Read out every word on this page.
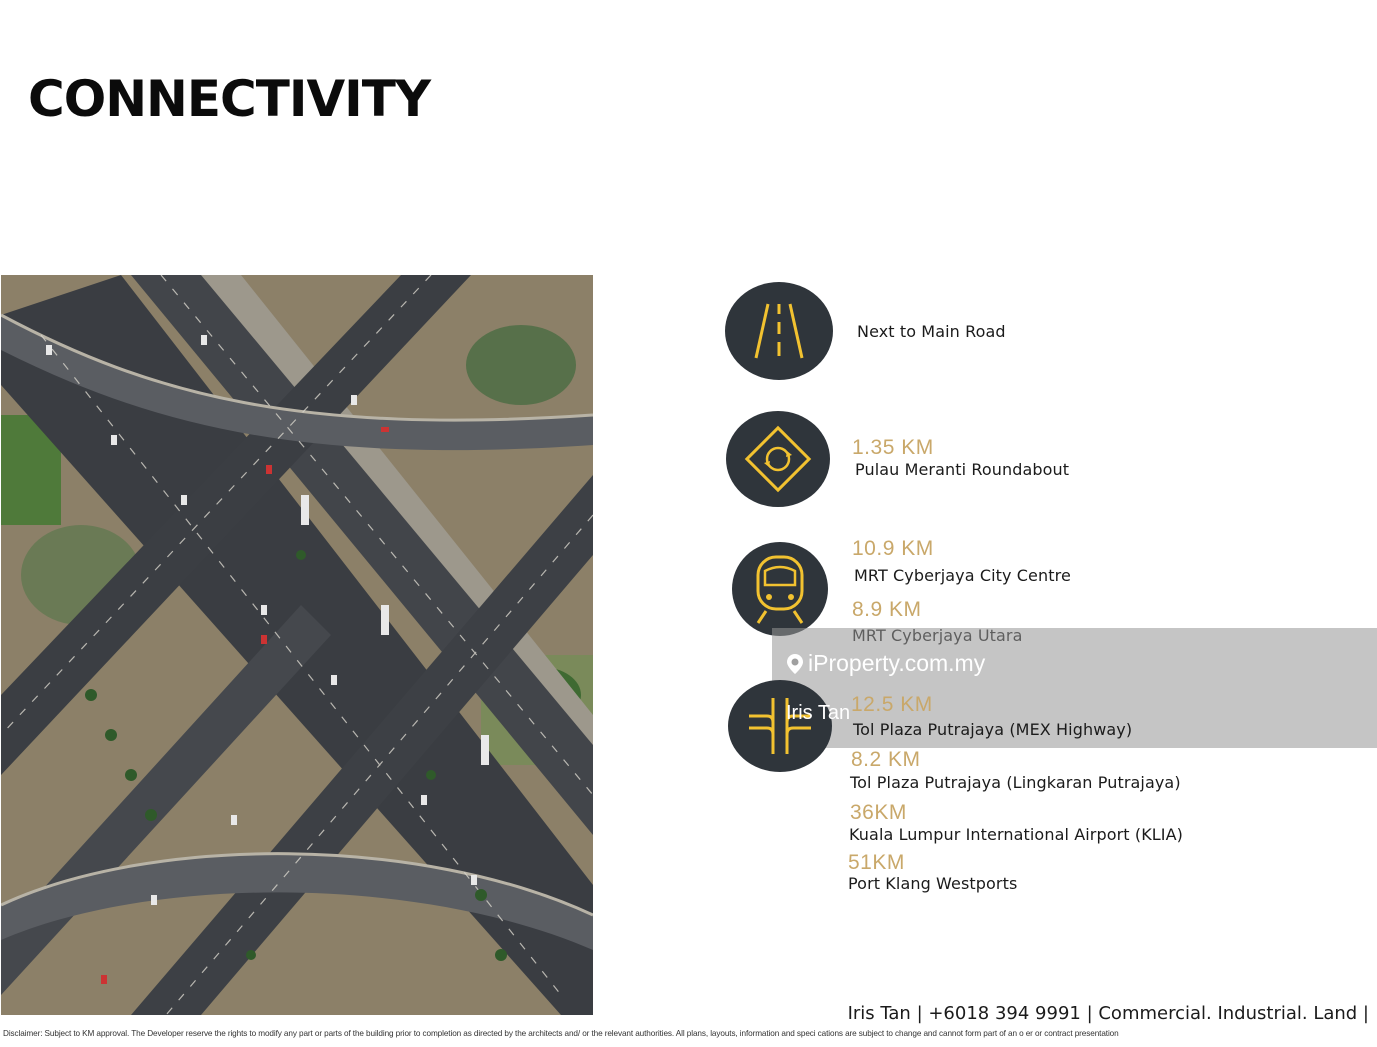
CONNECTIVITY
Next to Main Road
1.35 KM
Pulau Meranti Roundabout
10.9 KM
MRT Cyberjaya City Centre
8.9 KM
iProperty.com.my
Iris Tan 12.5 KM
Tol Plaza Putrajaya (MEX Highway)
8.2 KM
Tol Plaza Putrajaya (Lingkaran Putrajaya)
36KM
Kuala Lumpur International Airport (KLIA)
51KM
Port Klang Westports
Iris Tan | +6018 394 9991 | Commercial. Industrial. Land |
Disclaimer: Subject to KM approval. The Developer reserve the rights to modify any part or parts of the building prior to completion as directed by the architects and/ or the relevant authorities. All plans, layouts, information and speci cations are subject to change and cannot form part of an o er or contract presentation
